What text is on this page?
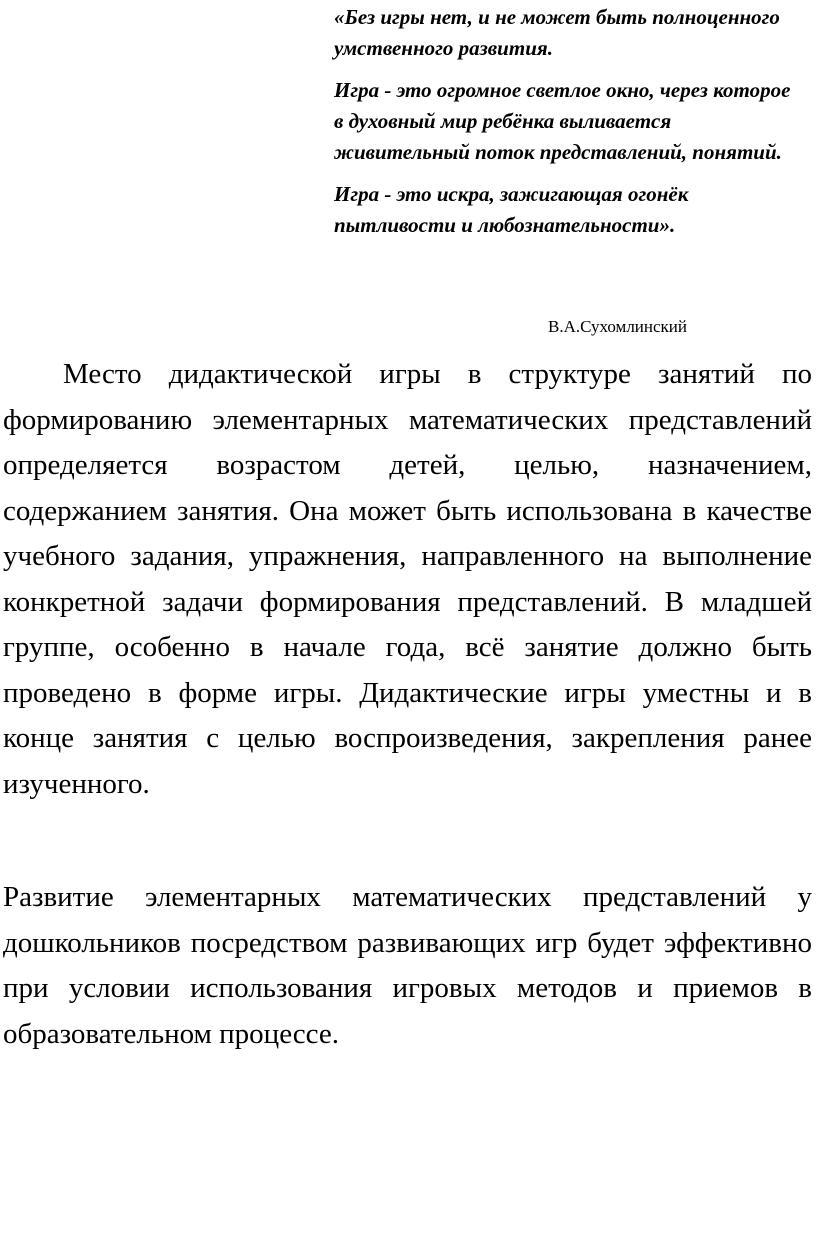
«Без игры нет, и не может быть полноценного умственного развития.

Игра - это огромное светлое окно, через которое в духовный мир ребёнка выливается живительный поток представлений, понятий.

Игра - это искра, зажигающая огонёк пытливости и любознательности».

В.А.Сухомлинский

Место дидактической игры в структуре занятий по формированию элементарных математических представлений определяется возрастом детей, целью, назначением, содержанием занятия. Она может быть использована в качестве учебного задания, упражнения, направленного на выполнение конкретной задачи формирования представлений. В младшей группе, особенно в начале года, всё занятие должно быть проведено в форме игры. Дидактические игры уместны и в конце занятия с целью воспроизведения, закрепления ранее изученного.

Развитие элементарных математических представлений у дошкольников посредством развивающих игр будет эффективно при условии использования игровых методов и приемов в образовательном процессе.
